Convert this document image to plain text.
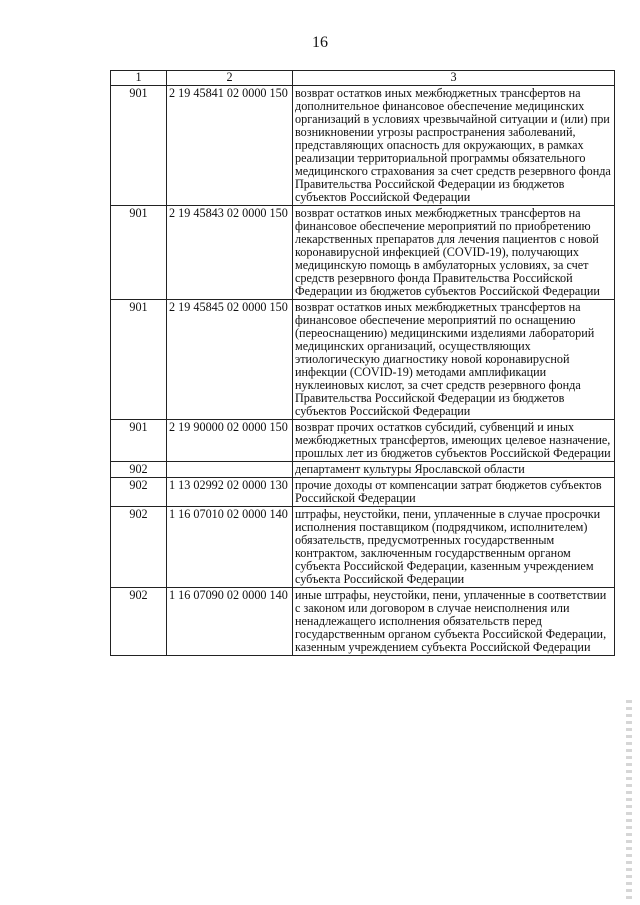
16
1	2	3
901	2 19 45841 02 0000 150	возврат остатков иных межбюджетных трансфертов на дополнительное финансовое обеспечение медицинских организаций в условиях чрезвычайной ситуации и (или) при возникновении угрозы распространения заболеваний, представляющих опасность для окружающих, в рамках реализации территориальной программы обязательного медицинского страхования за счет средств резервного фонда Правительства Российской Федерации из бюджетов субъектов Российской Федерации
901	2 19 45843 02 0000 150	возврат остатков иных межбюджетных трансфертов на финансовое обеспечение мероприятий по приобретению лекарственных препаратов для лечения пациентов с новой коронавирусной инфекцией (COVID-19), получающих медицинскую помощь в амбулаторных условиях, за счет средств резервного фонда Правительства Российской Федерации из бюджетов субъектов Российской Федерации
901	2 19 45845 02 0000 150	возврат остатков иных межбюджетных трансфертов на финансовое обеспечение мероприятий по оснащению (переоснащению) медицинскими изделиями лабораторий медицинских организаций, осуществляющих этиологическую диагностику новой коронавирусной инфекции (COVID-19) методами амплификации нуклеиновых кислот, за счет средств резервного фонда Правительства Российской Федерации из бюджетов субъектов Российской Федерации
901	2 19 90000 02 0000 150	возврат прочих остатков субсидий, субвенций и иных межбюджетных трансфертов, имеющих целевое назначение, прошлых лет из бюджетов субъектов Российской Федерации
902		департамент культуры Ярославской области
902	1 13 02992 02 0000 130	прочие доходы от компенсации затрат бюджетов субъектов Российской Федерации
902	1 16 07010 02 0000 140	штрафы, неустойки, пени, уплаченные в случае просрочки исполнения поставщиком (подрядчиком, исполнителем) обязательств, предусмотренных государственным контрактом, заключенным государственным органом субъекта Российской Федерации, казенным учреждением субъекта Российской Федерации
902	1 16 07090 02 0000 140	иные штрафы, неустойки, пени, уплаченные в соответствии с законом или договором в случае неисполнения или ненадлежащего исполнения обязательств перед государственным органом субъекта Российской Федерации, казенным учреждением субъекта Российской Федерации
